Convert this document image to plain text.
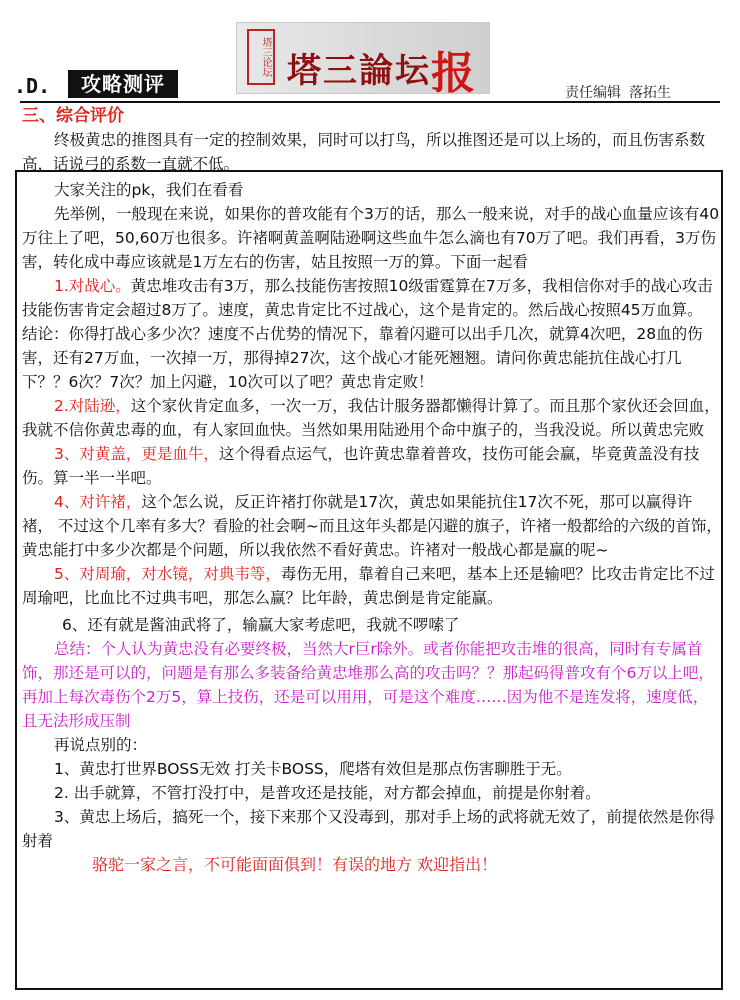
塔三论坛 塔三論坛报
.D.	攻略测评	责任编辑 落拓生

三、综合评价

终极黄忠的推图具有一定的控制效果，同时可以打鸟，所以推图还是可以上场的，而且伤害系数高，话说弓的系数一直就不低。

大家关注的pk，我们在看看

先举例，一般现在来说，如果你的普攻能有个3万的话，那么一般来说，对手的战心血量应该有40万往上了吧，50,60万也很多。许褚啊黄盖啊陆逊啊这些血牛怎么滴也有70万了吧。我们再看，3万伤害，转化成中毒应该就是1万左右的伤害，姑且按照一万的算。下面一起看

1.对战心。黄忠堆攻击有3万，那么技能伤害按照10级雷霆算在7万多，我相信你对手的战心攻击技能伤害肯定会超过8万了。速度，黄忠肯定比不过战心，这个是肯定的。然后战心按照45万血算。

结论：你得打战心多少次？速度不占优势的情况下，靠着闪避可以出手几次，就算4次吧，28血的伤害，还有27万血，一次掉一万，那得掉27次，这个战心才能死翘翘。请问你黄忠能抗住战心打几下？？6次？7次？加上闪避，10次可以了吧？黄忠肯定败！

2.对陆逊，这个家伙肯定血多，一次一万，我估计服务器都懒得计算了。而且那个家伙还会回血，我就不信你黄忠毒的血，有人家回血快。当然如果用陆逊用个命中旗子的，当我没说。所以黄忠完败

3、对黄盖，更是血牛，这个得看点运气，也许黄忠靠着普攻，技伤可能会赢，毕竟黄盖没有技伤。算一半一半吧。

4、对许褚，这个怎么说，反正许褚打你就是17次，黄忠如果能抗住17次不死，那可以赢得许褚， 不过这个几率有多大？看脸的社会啊~而且这年头都是闪避的旗子，许褚一般都给的六级的首饰，黄忠能打中多少次都是个问题，所以我依然不看好黄忠。许褚对一般战心都是赢的呢~

5、对周瑜，对水镜，对典韦等，毒伤无用，靠着自己来吧，基本上还是输吧？比攻击肯定比不过周瑜吧，比血比不过典韦吧，那怎么赢？比年龄，黄忠倒是肯定能赢。

6、还有就是酱油武将了，输赢大家考虑吧，我就不啰嗦了

总结：个人认为黄忠没有必要终极，当然大r巨r除外。或者你能把攻击堆的很高，同时有专属首饰，那还是可以的，问题是有那么多装备给黄忠堆那么高的攻击吗？？那起码得普攻有个6万以上吧，再加上每次毒伤个2万5，算上技伤，还是可以用用，可是这个难度……因为他不是连发将，速度低，且无法形成压制

再说点别的：

1、黄忠打世界BOSS无效 打关卡BOSS，爬塔有效但是那点伤害聊胜于无。

2. 出手就算，不管打没打中，是普攻还是技能，对方都会掉血，前提是你射着。

3、黄忠上场后，搞死一个，接下来那个又没毒到，那对手上场的武将就无效了，前提依然是你得射着

骆驼一家之言，不可能面面俱到！有误的地方 欢迎指出！
